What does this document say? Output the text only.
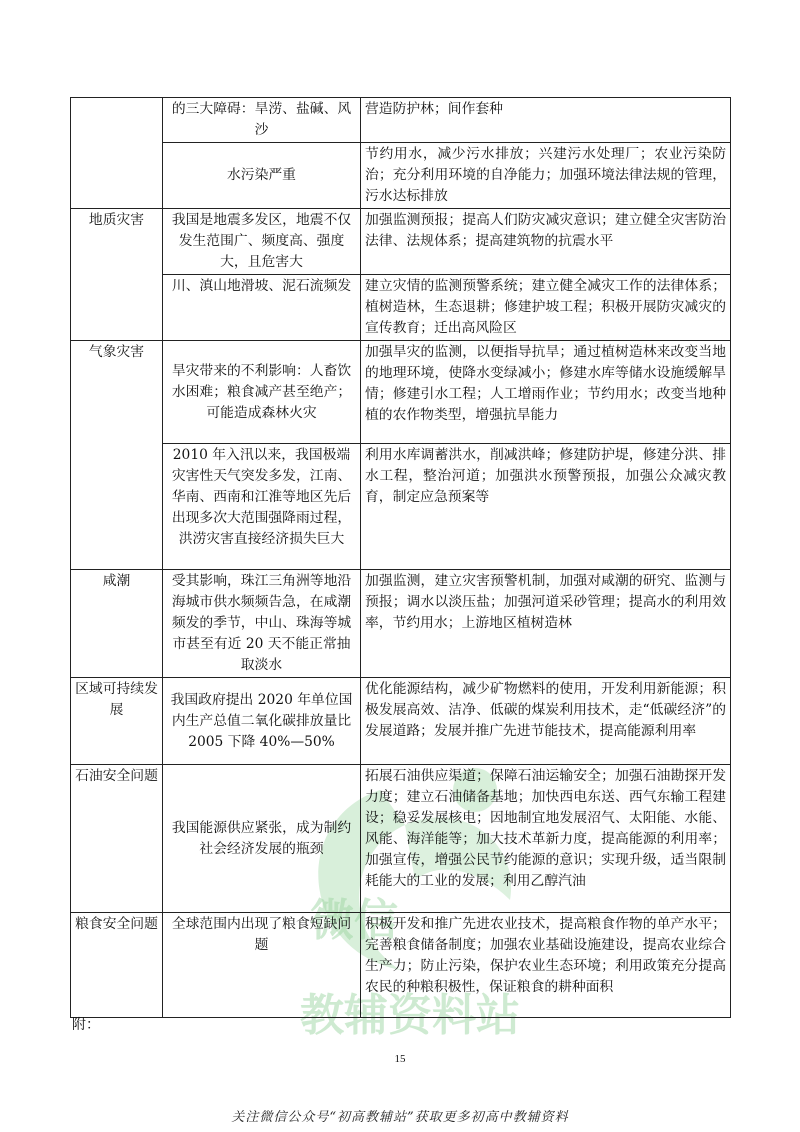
微信
教辅资料站
	的三大障碍：旱涝、盐碱、风沙	营造防护林；间作套种
	水污染严重	节约用水，减少污水排放；兴建污水处理厂；农业污染防治；充分利用环境的自净能力；加强环境法律法规的管理，污水达标排放
地质灾害	我国是地震多发区，地震不仅发生范围广、频度高、强度大，且危害大	加强监测预报；提高人们防灾减灾意识；建立健全灾害防治法律、法规体系；提高建筑物的抗震水平
	川、滇山地滑坡、泥石流频发	建立灾情的监测预警系统；建立健全减灾工作的法律体系；植树造林，生态退耕；修建护坡工程；积极开展防灾减灾的宣传教育；迁出高风险区
气象灾害	旱灾带来的不利影响：人畜饮水困难；粮食减产甚至绝产；可能造成森林火灾	加强旱灾的监测，以便指导抗旱；通过植树造林来改变当地的地理环境，使降水变绿减小；修建水库等储水设施缓解旱情；修建引水工程；人工增雨作业；节约用水；改变当地种植的农作物类型，增强抗旱能力
	2010 年入汛以来，我国极端灾害性天气突发多发，江南、华南、西南和江淮等地区先后出现多次大范围强降雨过程，洪涝灾害直接经济损失巨大	利用水库调蓄洪水，削减洪峰；修建防护堤，修建分洪、排水工程，整治河道；加强洪水预警预报，加强公众减灾教育，制定应急预案等
咸潮	受其影响，珠江三角洲等地沿海城市供水频频告急，在咸潮频发的季节，中山、珠海等城市甚至有近 20 天不能正常抽取淡水	加强监测，建立灾害预警机制，加强对咸潮的研究、监测与预报；调水以淡压盐；加强河道采砂管理；提高水的利用效率，节约用水；上游地区植树造林
区域可持续发展	我国政府提出 2020 年单位国内生产总值二氧化碳排放量比 2005 下降 40%—50%	优化能源结构，减少矿物燃料的使用，开发利用新能源；积极发展高效、洁净、低碳的煤炭利用技术，走“低碳经济”的发展道路；发展并推广先进节能技术，提高能源利用率
石油安全问题	我国能源供应紧张，成为制约社会经济发展的瓶颈	拓展石油供应渠道；保障石油运输安全；加强石油勘探开发力度；建立石油储备基地；加快西电东送、西气东输工程建设；稳妥发展核电；因地制宜地发展沼气、太阳能、水能、风能、海洋能等；加大技术革新力度，提高能源的利用率；加强宣传，增强公民节约能源的意识；实现升级，适当限制耗能大的工业的发展；利用乙醇汽油
粮食安全问题	全球范围内出现了粮食短缺问题	积极开发和推广先进农业技术，提高粮食作物的单产水平；完善粮食储备制度；加强农业基础设施建设，提高农业综合生产力；防止污染，保护农业生态环境；利用政策充分提高农民的种粮积极性，保证粮食的耕种面积
附：
15
关注微信公众号“初高教辅站”获取更多初高中教辅资料
